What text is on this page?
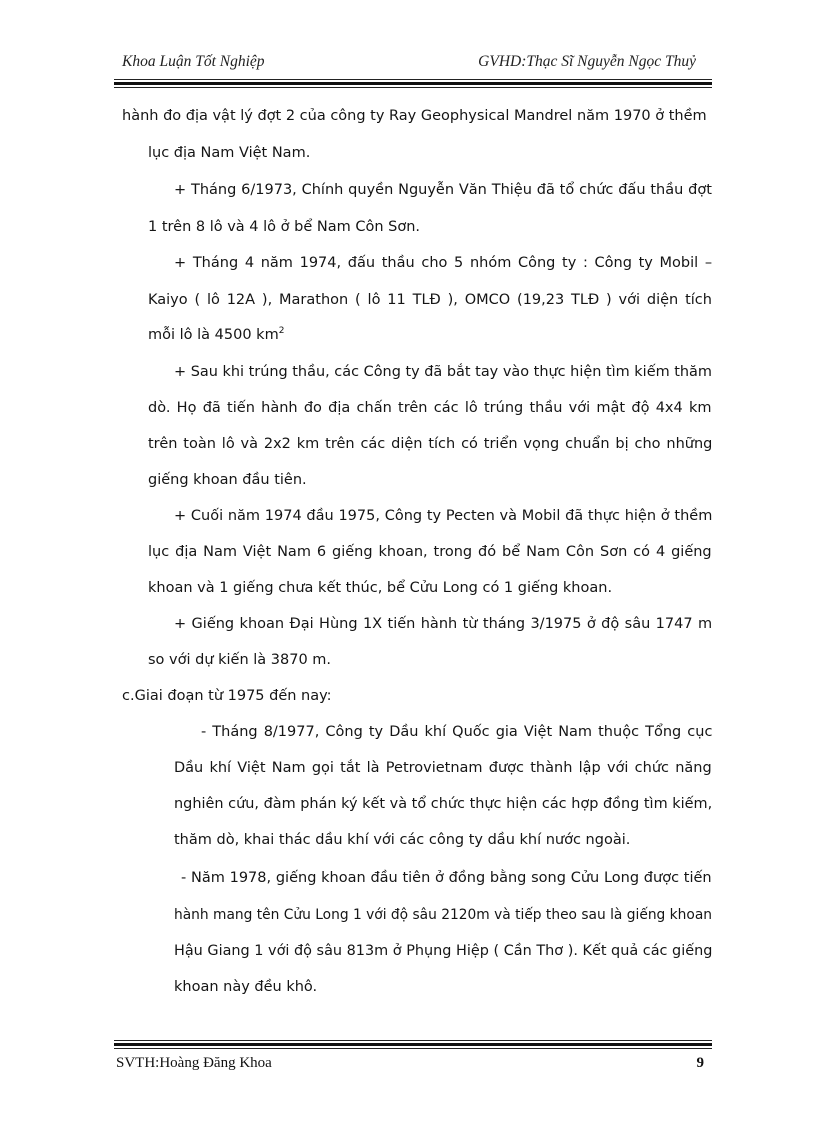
Khoa Luận Tốt Nghiệp	GVHD:Thạc Sĩ Nguyễn Ngọc Thuỷ
hành đo địa vật lý đợt 2 của công ty Ray Geophysical Mandrel năm 1970 ở thềm
lục địa Nam Việt Nam.
+ Tháng 6/1973, Chính quyền Nguyễn Văn Thiệu đã tổ chức đấu thầu đợt
1 trên 8 lô và 4 lô ở bể Nam Côn Sơn.
+ Tháng 4 năm 1974, đấu thầu cho 5 nhóm Công ty : Công ty Mobil –
Kaiyo ( lô 12A ), Marathon ( lô 11 TLĐ ), OMCO (19,23 TLĐ ) với diện tích
mỗi lô là 4500 $km^2$
+ Sau khi trúng thầu, các Công ty đã bắt tay vào thực hiện tìm kiếm thăm
dò. Họ đã tiến hành đo địa chấn trên các lô trúng thầu với mật độ 4x4 km
trên toàn lô và 2x2 km trên các diện tích có triển vọng chuẩn bị cho những
giếng khoan đầu tiên.
+ Cuối năm 1974 đầu 1975, Công ty Pecten và Mobil đã thực hiện ở thềm
lục địa Nam Việt Nam 6 giếng khoan, trong đó bể Nam Côn Sơn có 4 giếng
khoan và 1 giếng chưa kết thúc, bể Cửu Long có 1 giếng khoan.
+ Giếng khoan Đại Hùng 1X tiến hành từ tháng 3/1975 ở độ sâu 1747 m
so với dự kiến là 3870 m.
c.Giai đoạn từ 1975 đến nay:
- Tháng 8/1977, Công ty Dầu khí Quốc gia Việt Nam thuộc Tổng cục
Dầu khí Việt Nam gọi tắt là Petrovietnam được thành lập với chức năng
nghiên cứu, đàm phán ký kết và tổ chức thực hiện các hợp đồng tìm kiếm,
thăm dò, khai thác dầu khí với các công ty dầu khí nước ngoài.
- Năm 1978, giếng khoan đầu tiên ở đồng bằng song Cửu Long được tiến
hành mang tên Cửu Long 1 với độ sâu 2120m và tiếp theo sau là giếng khoan
Hậu Giang 1 với độ sâu 813m ở Phụng Hiệp ( Cần Thơ ). Kết quả các giếng
khoan này đều khô.
SVTH:Hoàng Đăng Khoa	9
